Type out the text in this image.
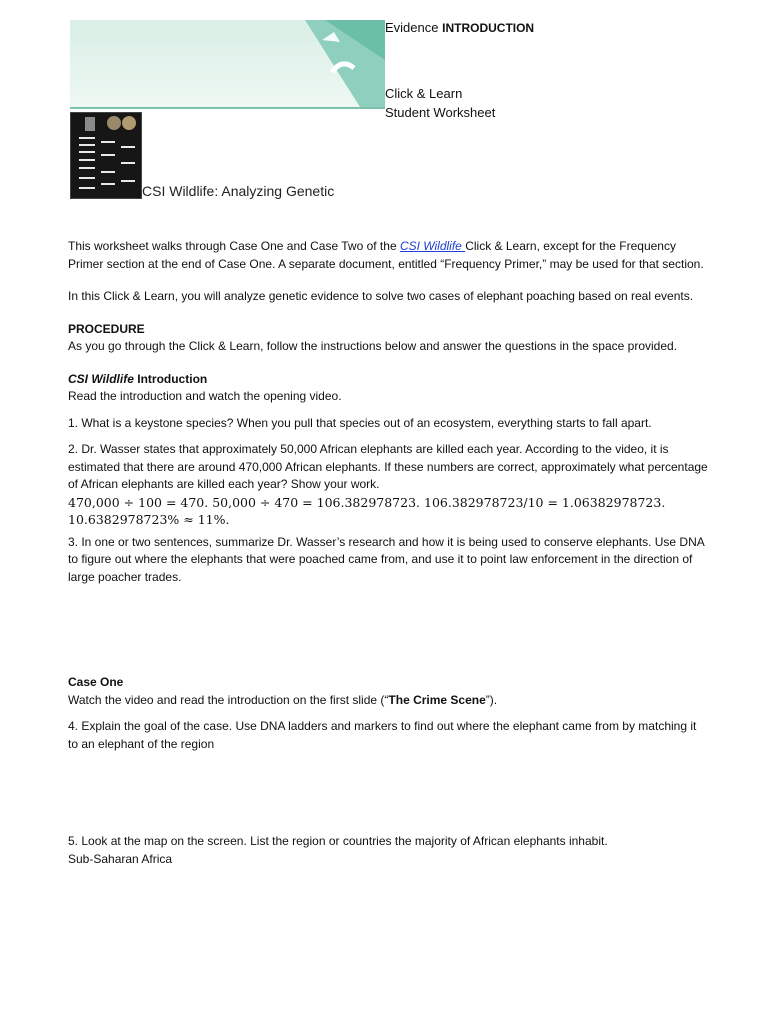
Evidence INTRODUCTION
Click & Learn
Student Worksheet
CSI Wildlife: Analyzing Genetic

This worksheet walks through Case One and Case Two of the CSI Wildlife Click & Learn, except for the Frequency Primer section at the end of Case One. A separate document, entitled “Frequency Primer,” may be used for that section.

In this Click & Learn, you will analyze genetic evidence to solve two cases of elephant poaching based on real events.

PROCEDURE

As you go through the Click & Learn, follow the instructions below and answer the questions in the space provided.

CSI Wildlife Introduction

Read the introduction and watch the opening video.

1. What is a keystone species? When you pull that species out of an ecosystem, everything starts to fall apart.

2. Dr. Wasser states that approximately 50,000 African elephants are killed each year. According to the video, it is estimated that there are around 470,000 African elephants. If these numbers are correct, approximately what percentage of African elephants are killed each year? Show your work.

470,000 ÷ 100 = 470. 50,000 ÷ 470 = 106.382978723. 106.382978723/10 = 1.06382978723.
10.6382978723% ≈ 11%.

3. In one or two sentences, summarize Dr. Wasser’s research and how it is being used to conserve elephants. Use DNA to figure out where the elephants that were poached came from, and use it to point law enforcement in the direction of large poacher trades.

Case One

Watch the video and read the introduction on the first slide (“The Crime Scene”).

4. Explain the goal of the case. Use DNA ladders and markers to find out where the elephant came from by matching it to an elephant of the region

5. Look at the map on the screen. List the region or countries the majority of African elephants inhabit.

Sub-Saharan Africa
